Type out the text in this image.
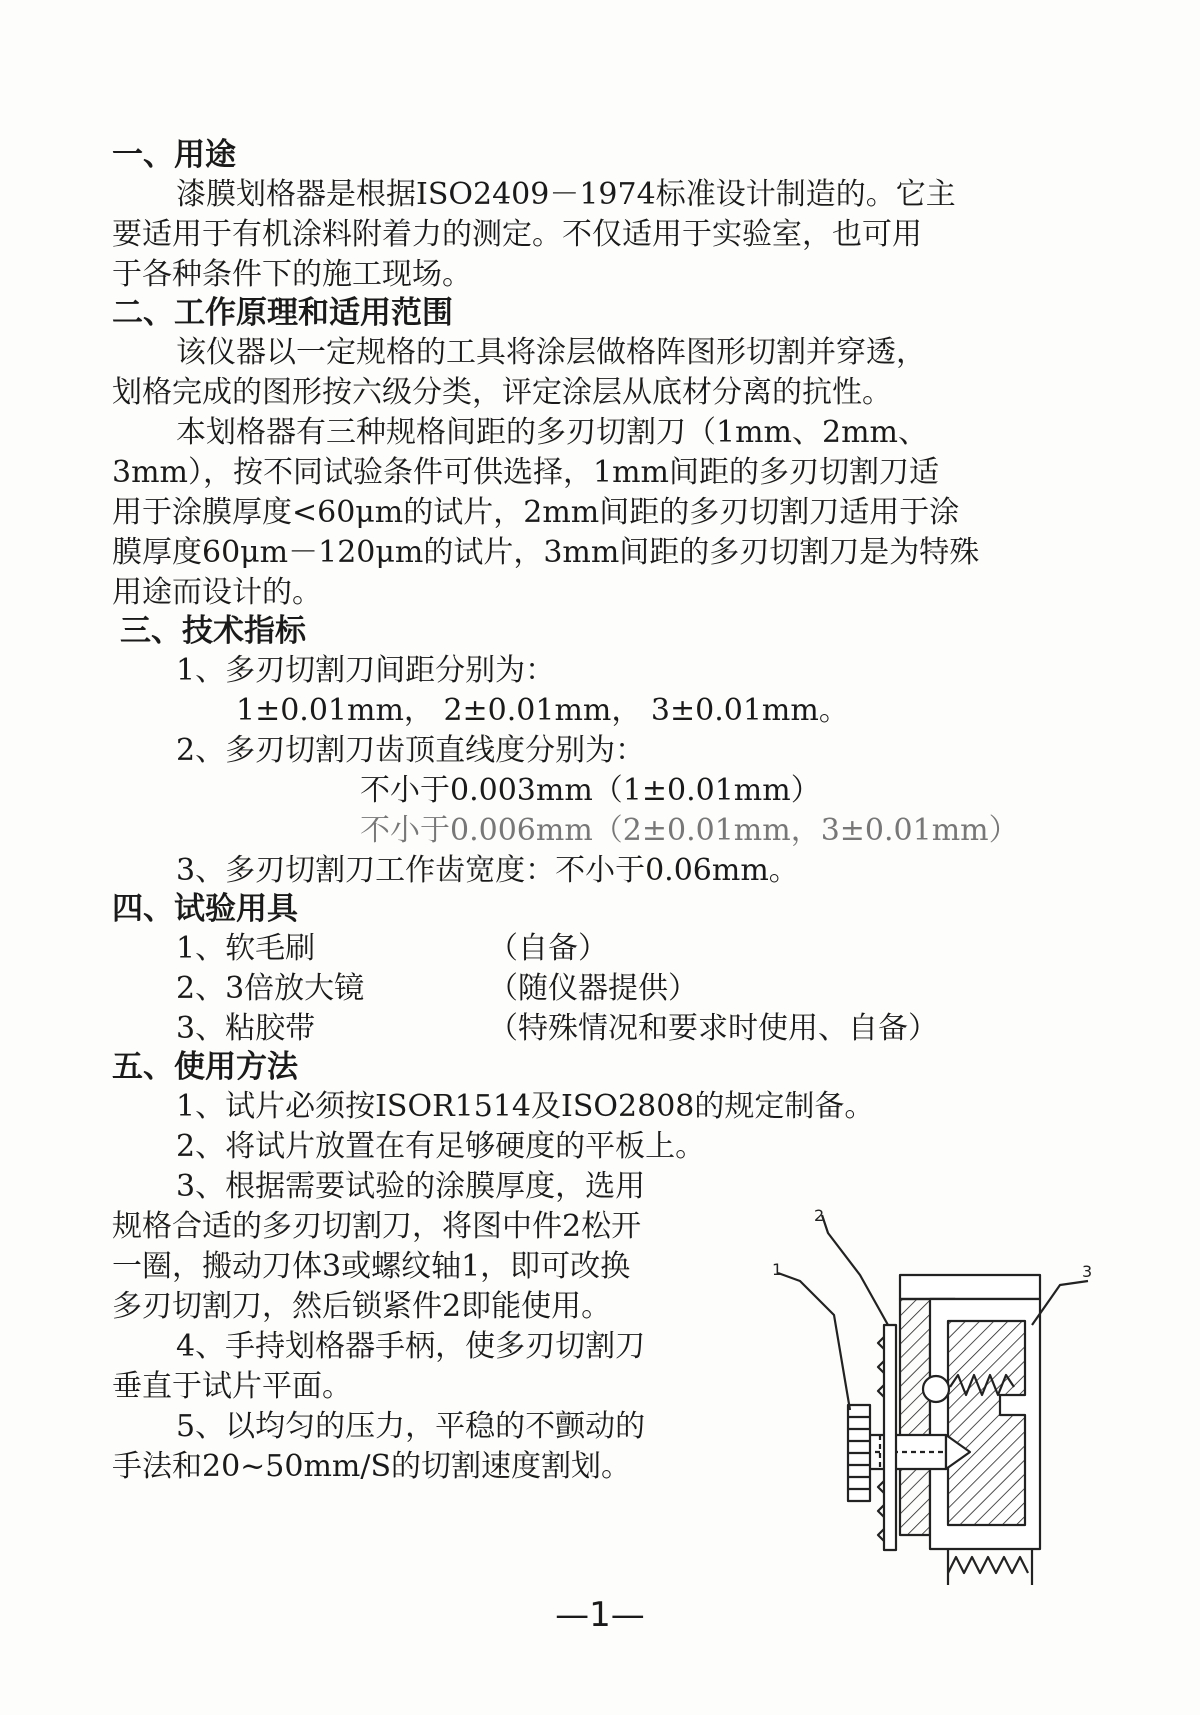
一、用途
漆膜划格器是根据ISO2409－1974标准设计制造的。它主
要适用于有机涂料附着力的测定。不仅适用于实验室，也可用
于各种条件下的施工现场。
二、工作原理和适用范围
该仪器以一定规格的工具将涂层做格阵图形切割并穿透，
划格完成的图形按六级分类，评定涂层从底材分离的抗性。
本划格器有三种规格间距的多刃切割刀（1mm、2mm、
3mm），按不同试验条件可供选择，1mm间距的多刃切割刀适
用于涂膜厚度<60μm的试片，2mm间距的多刃切割刀适用于涂
膜厚度60μm－120μm的试片，3mm间距的多刃切割刀是为特殊
用途而设计的。
三、技术指标
1、多刃切割刀间距分别为：
1±0.01mm， 2±0.01mm， 3±0.01mm。
2、多刃切割刀齿顶直线度分别为：
不小于0.003mm（1±0.01mm）
不小于0.006mm（2±0.01mm，3±0.01mm）
3、多刃切割刀工作齿宽度：不小于0.06mm。
四、试验用具
1、软毛刷	（自备）
2、3倍放大镜	（随仪器提供）
3、粘胶带	（特殊情况和要求时使用、自备）
五、使用方法
1、试片必须按ISOR1514及ISO2808的规定制备。
2、将试片放置在有足够硬度的平板上。
3、根据需要试验的涂膜厚度，选用
规格合适的多刃切割刀，将图中件2松开
一圈，搬动刀体3或螺纹轴1，即可改换
多刃切割刀，然后锁紧件2即能使用。
4、手持划格器手柄，使多刃切割刀
垂直于试片平面。
5、以均匀的压力，平稳的不颤动的
手法和20~50mm/S的切割速度割划。
2
1	3
—1—
